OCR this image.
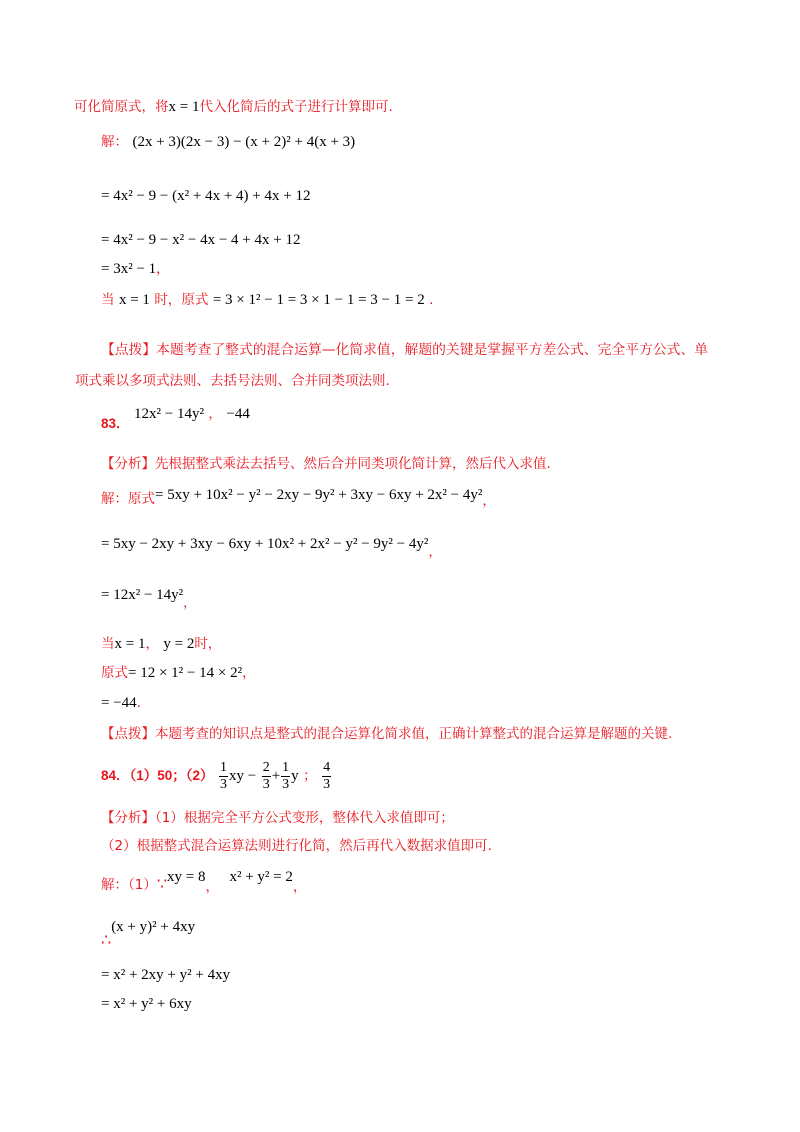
可化简原式，将x = 1代入化简后的式子进行计算即可.
解： (2x + 3)(2x − 3) − (x + 2)² + 4(x + 3)
= 4x² − 9 − (x² + 4x + 4) + 4x + 12
= 4x² − 9 − x² − 4x − 4 + 4x + 12
= 3x² − 1，
当 x = 1 时，原式 = 3 × 1² − 1 = 3 × 1 − 1 = 3 − 1 = 2 .
【点拨】本题考查了整式的混合运算—化简求值，解题的关键是掌握平方差公式、完全平方公式、单
项式乘以多项式法则、去括号法则、合并同类项法则.
83． 12x² − 14y² ， −44
【分析】先根据整式乘法去括号、然后合并同类项化简计算，然后代入求值.
解：原式= 5xy + 10x² − y² − 2xy − 9y² + 3xy − 6xy + 2x² − 4y²，
= 5xy − 2xy + 3xy − 6xy + 10x² + 2x² − y² − 9y² − 4y²，
= 12x² − 14y²，
当x = 1， y = 2时，
原式= 12 × 1² − 14 × 2²，
= −44.
【点拨】本题考查的知识点是整式的混合运算化简求值，正确计算整式的混合运算是解题的关键.
84．（1）50；$(2) \frac{1}{3}$ xy − $\frac{2}{3} + \frac{1}{3}$ y ； $\frac{4}{3}$
【分析】（1）根据完全平方公式变形，整体代入求值即可；
（2）根据整式混合运算法则进行化简，然后再代入数据求值即可.
解：（1）∵xy = 8， x² + y² = 2，
∴(x + y)² + 4xy
= x² + 2xy + y² + 4xy
= x² + y² + 6xy
